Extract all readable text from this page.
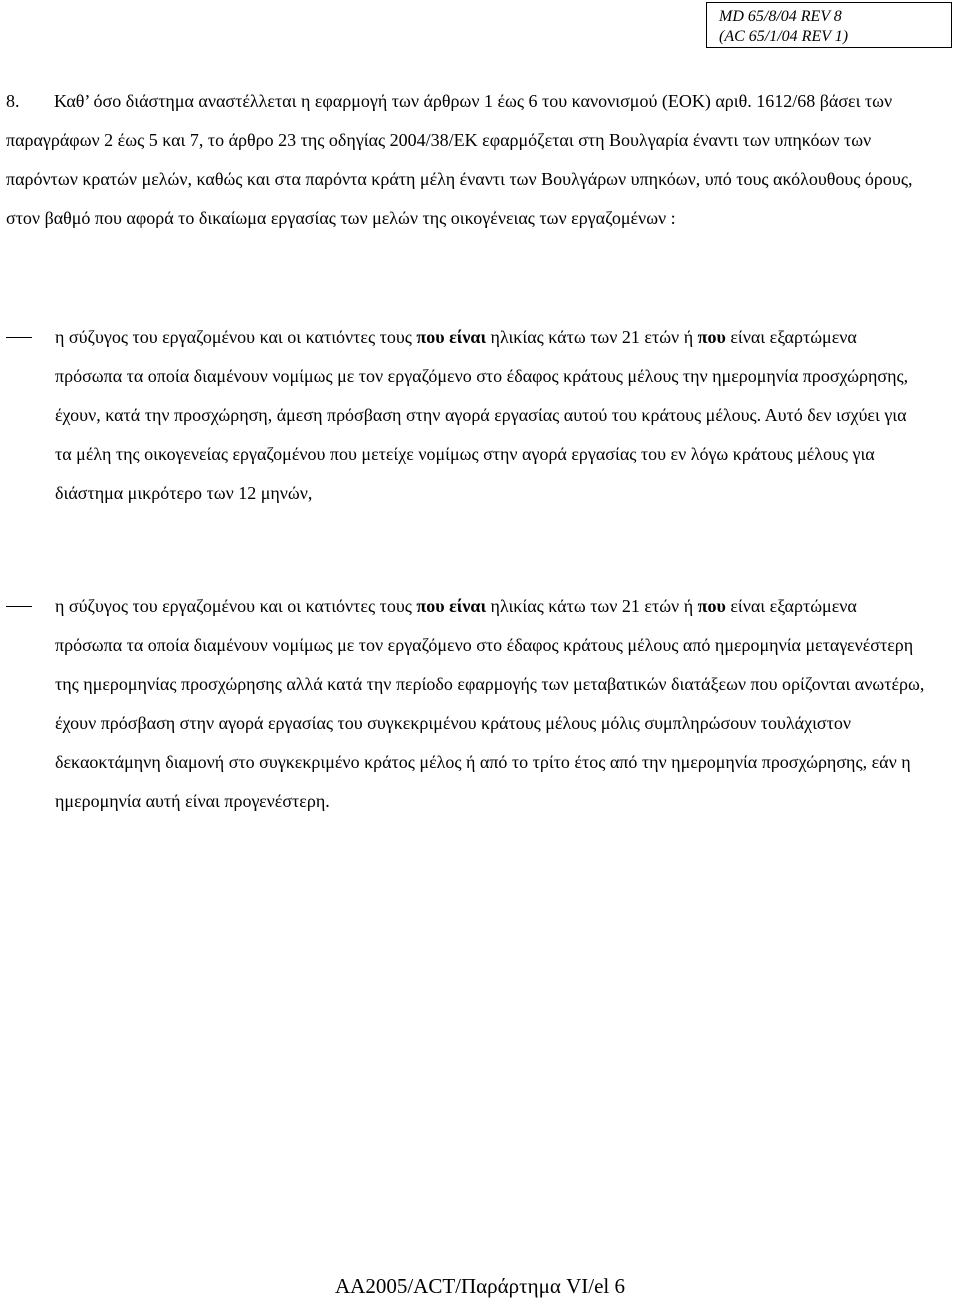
MD 65/8/04 REV 8
(AC 65/1/04 REV 1)
8. Καθ’ όσο διάστημα αναστέλλεται η εφαρμογή των άρθρων 1 έως 6 του κανονισμού (ΕΟΚ) αριθ. 1612/68 βάσει των παραγράφων 2 έως 5 και 7, το άρθρο 23 της οδηγίας 2004/38/ΕΚ εφαρμόζεται στη Βουλγαρία έναντι των υπηκόων των παρόντων κρατών μελών, καθώς και στα παρόντα κράτη μέλη έναντι των Βουλγάρων υπηκόων, υπό τους ακόλουθους όρους, στον βαθμό που αφορά το δικαίωμα εργασίας των μελών της οικογένειας των εργαζομένων :
η σύζυγος του εργαζομένου και οι κατιόντες τους που είναι ηλικίας κάτω των 21 ετών ή που είναι εξαρτώμενα πρόσωπα τα οποία διαμένουν νομίμως με τον εργαζόμενο στο έδαφος κράτους μέλους την ημερομηνία προσχώρησης, έχουν, κατά την προσχώρηση, άμεση πρόσβαση στην αγορά εργασίας αυτού του κράτους μέλους. Αυτό δεν ισχύει για τα μέλη της οικογενείας εργαζομένου που μετείχε νομίμως στην αγορά εργασίας του εν λόγω κράτους μέλους για διάστημα μικρότερο των 12 μηνών,
η σύζυγος του εργαζομένου και οι κατιόντες τους που είναι ηλικίας κάτω των 21 ετών ή που είναι εξαρτώμενα πρόσωπα τα οποία διαμένουν νομίμως με τον εργαζόμενο στο έδαφος κράτους μέλους από ημερομηνία μεταγενέστερη της ημερομηνίας προσχώρησης αλλά κατά την περίοδο εφαρμογής των μεταβατικών διατάξεων που ορίζονται ανωτέρω, έχουν πρόσβαση στην αγορά εργασίας του συγκεκριμένου κράτους μέλους μόλις συμπληρώσουν τουλάχιστον δεκαοκτάμηνη διαμονή στο συγκεκριμένο κράτος μέλος ή από το τρίτο έτος από την ημερομηνία προσχώρησης, εάν η ημερομηνία αυτή είναι προγενέστερη.
AA2005/ACT/Παράρτημα VI/el 6
